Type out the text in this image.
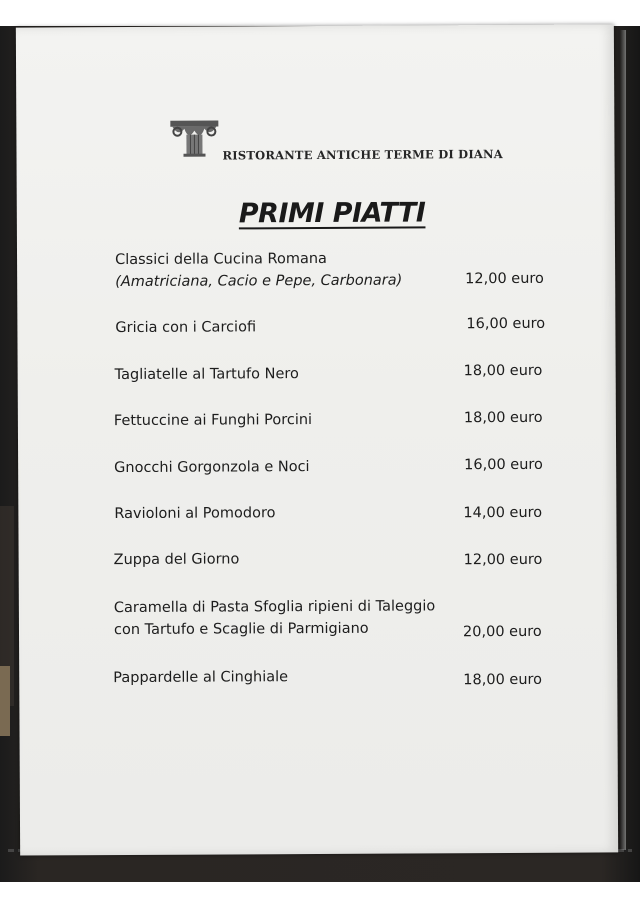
RISTORANTE ANTICHE TERME DI DIANA
PRIMI PIATTI
Classici della Cucina Romana
(Amatriciana, Cacio e Pepe, Carbonara)	12,00 euro
Gricia con i Carciofi	16,00 euro
Tagliatelle al Tartufo Nero	18,00 euro
Fettuccine ai Funghi Porcini	18,00 euro
Gnocchi Gorgonzola e Noci	16,00 euro
Ravioloni al Pomodoro	14,00 euro
Zuppa del Giorno	12,00 euro
Caramella di Pasta Sfoglia ripieni di Taleggio
con Tartufo e Scaglie di Parmigiano	20,00 euro
Pappardelle al Cinghiale	18,00 euro
